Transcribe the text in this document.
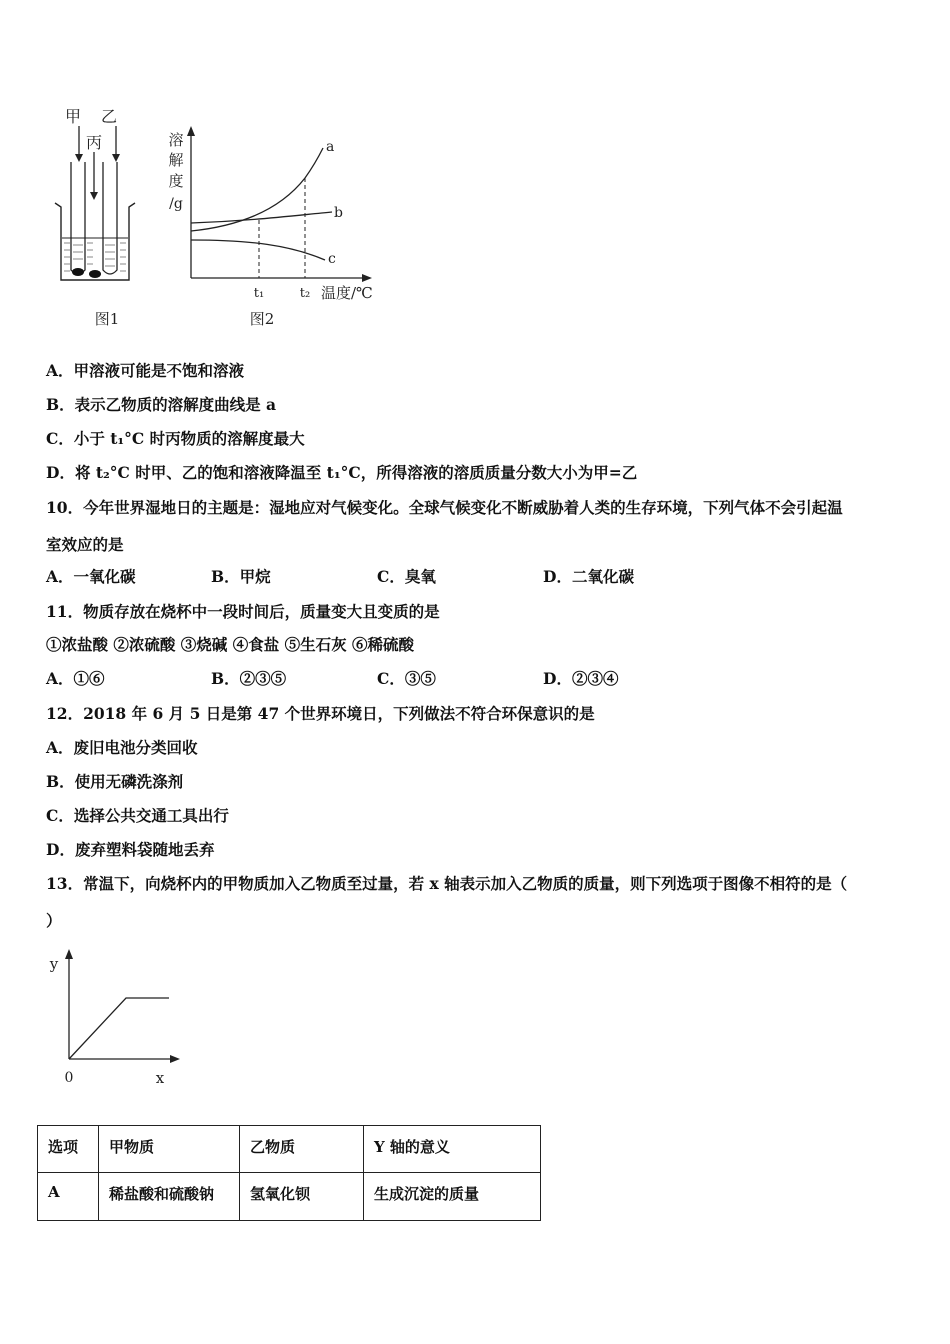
甲 乙
丙
图1
溶
解
度
/g
a
b
c
t₁	t₂ 温度/℃
图2
A．甲溶液可能是不饱和溶液
B．表示乙物质的溶解度曲线是 a
C．小于 t₁°C 时丙物质的溶解度最大
D．将 t₂°C 时甲、乙的饱和溶液降温至 t₁°C，所得溶液的溶质质量分数大小为甲=乙
10．今年世界湿地日的主题是：湿地应对气候变化。全球气候变化不断威胁着人类的生存环境，下列气体不会引起温
室效应的是
A．一氧化碳	B．甲烷	C．臭氧	D．二氧化碳
11．物质存放在烧杯中一段时间后，质量变大且变质的是
①浓盐酸 ②浓硫酸 ③烧碱 ④食盐 ⑤生石灰 ⑥稀硫酸
A．①⑥	B．②③⑤	C．③⑤	D．②③④
12．2018 年 6 月 5 日是第 47 个世界环境日，下列做法不符合环保意识的是
A．废旧电池分类回收
B．使用无磷洗涤剂
C．选择公共交通工具出行
D．废弃塑料袋随地丢弃
13．常温下，向烧杯内的甲物质加入乙物质至过量，若 x 轴表示加入乙物质的质量，则下列选项于图像不相符的是（
）
y
0	x
选项	甲物质	乙物质	Y 轴的意义
A	稀盐酸和硫酸钠	氢氧化钡	生成沉淀的质量
